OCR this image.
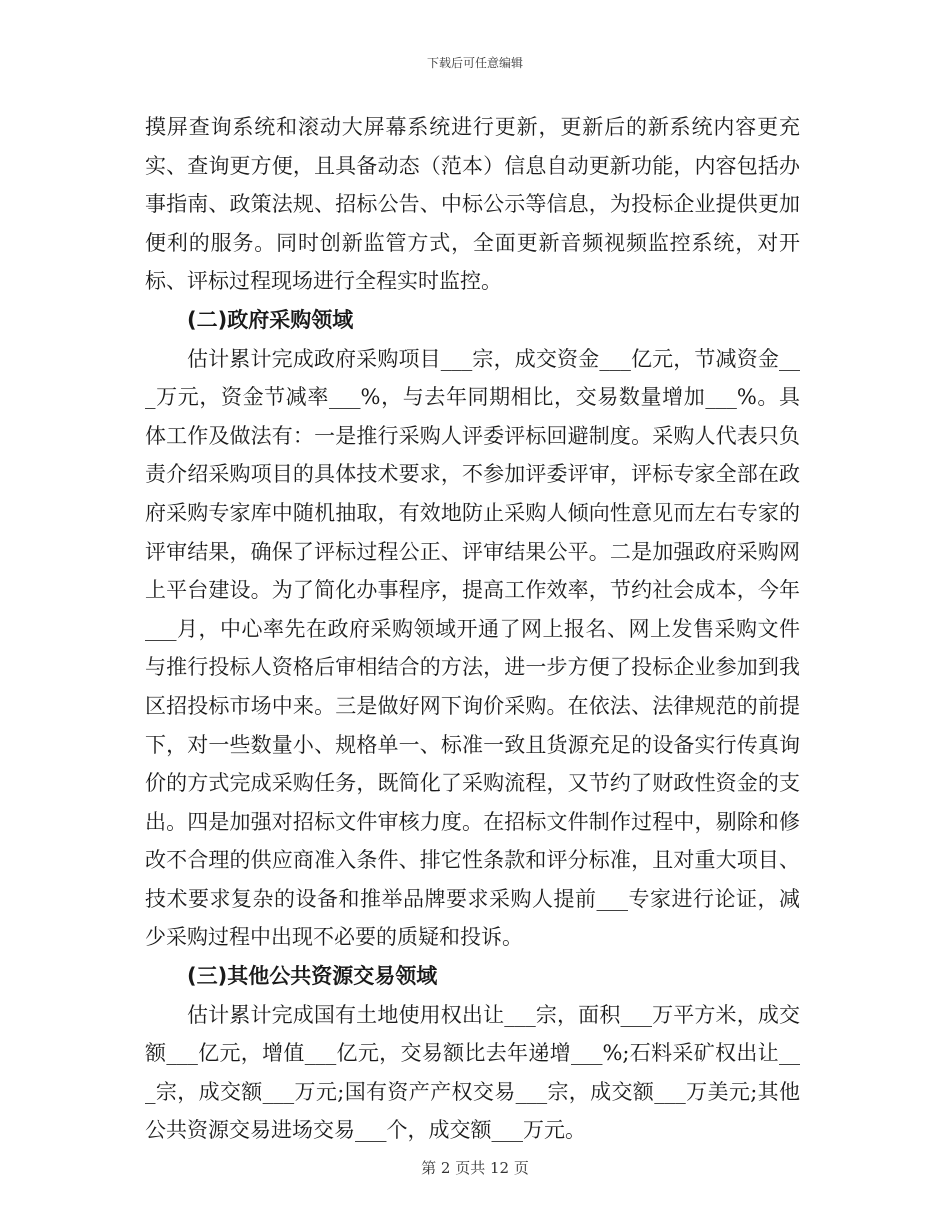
下载后可任意编辑

摸屏查询系统和滚动大屏幕系统进行更新，更新后的新系统内容更充实、查询更方便，且具备动态（范本）信息自动更新功能，内容包括办事指南、政策法规、招标公告、中标公示等信息，为投标企业提供更加便利的服务。同时创新监管方式，全面更新音频视频监控系统，对开标、评标过程现场进行全程实时监控。

(二)政府采购领域

估计累计完成政府采购项目___宗，成交资金___亿元，节减资金___万元，资金节减率___%，与去年同期相比，交易数量增加___%。具体工作及做法有：一是推行采购人评委评标回避制度。采购人代表只负责介绍采购项目的具体技术要求，不参加评委评审，评标专家全部在政府采购专家库中随机抽取，有效地防止采购人倾向性意见而左右专家的评审结果，确保了评标过程公正、评审结果公平。二是加强政府采购网上平台建设。为了简化办事程序，提高工作效率，节约社会成本，今年___月，中心率先在政府采购领域开通了网上报名、网上发售采购文件与推行投标人资格后审相结合的方法，进一步方便了投标企业参加到我区招投标市场中来。三是做好网下询价采购。在依法、法律规范的前提下，对一些数量小、规格单一、标准一致且货源充足的设备实行传真询价的方式完成采购任务，既简化了采购流程，又节约了财政性资金的支出。四是加强对招标文件审核力度。在招标文件制作过程中，剔除和修改不合理的供应商准入条件、排它性条款和评分标准，且对重大项目、技术要求复杂的设备和推举品牌要求采购人提前___专家进行论证，减少采购过程中出现不必要的质疑和投诉。

(三)其他公共资源交易领域

估计累计完成国有土地使用权出让___宗，面积___万平方米，成交额___亿元，增值___亿元，交易额比去年递增___%;石料采矿权出让___宗，成交额___万元;国有资产产权交易___宗，成交额___万美元;其他公共资源交易进场交易___个，成交额___万元。

第 2 页共 12 页
